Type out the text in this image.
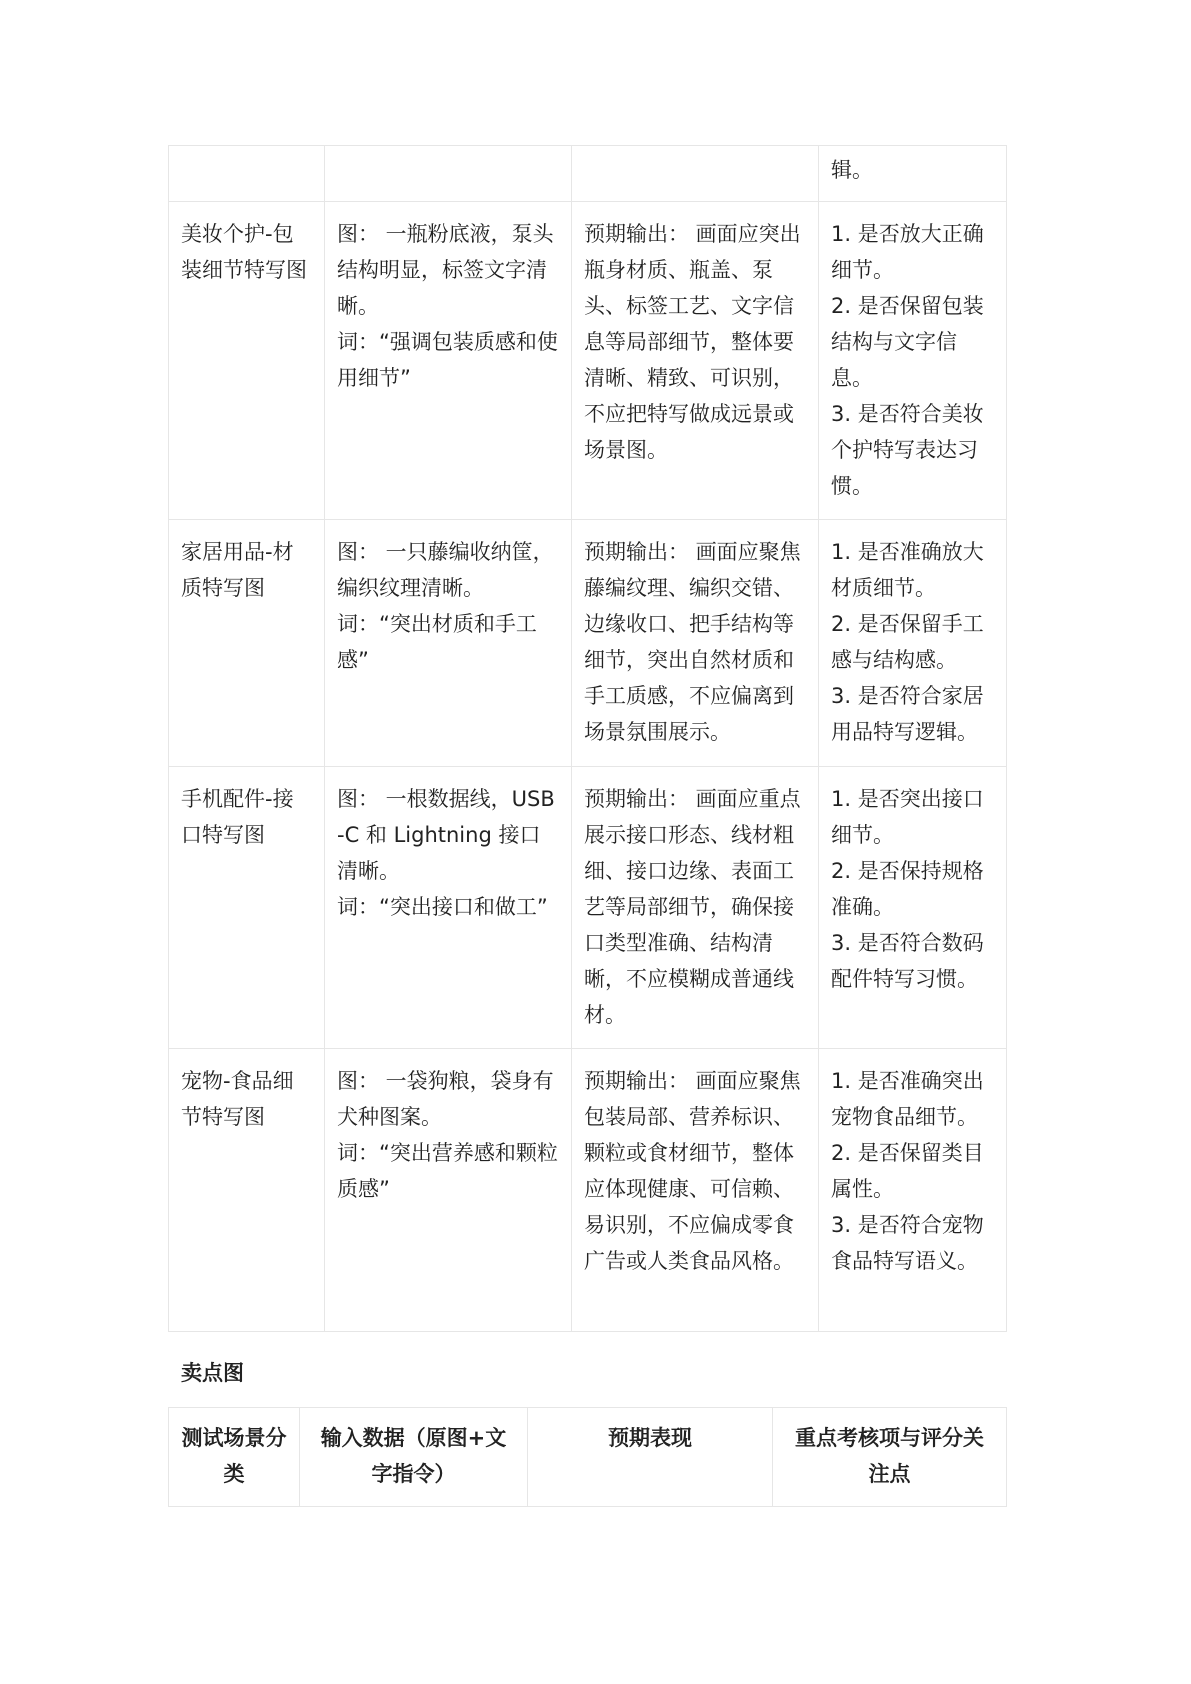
			辑。

美妆个护-包装细节特写图	图： 一瓶粉底液，泵头结构明显，标签文字清晰。
词：“强调包装质感和使用细节”	预期输出： 画面应突出瓶身材质、瓶盖、泵头、标签工艺、文字信息等局部细节，整体要清晰、精致、可识别，不应把特写做成远景或场景图。	1. 是否放大正确细节。
2. 是否保留包装结构与文字信息。
3. 是否符合美妆个护特写表达习惯。

家居用品-材质特写图	图： 一只藤编收纳筐，编织纹理清晰。
词：“突出材质和手工感”	预期输出： 画面应聚焦藤编纹理、编织交错、边缘收口、把手结构等细节，突出自然材质和手工质感，不应偏离到场景氛围展示。	1. 是否准确放大材质细节。
2. 是否保留手工感与结构感。
3. 是否符合家居用品特写逻辑。

手机配件-接口特写图	图： 一根数据线，USB-C 和 Lightning 接口清晰。
词：“突出接口和做工”	预期输出： 画面应重点展示接口形态、线材粗细、接口边缘、表面工艺等局部细节，确保接口类型准确、结构清晰，不应模糊成普通线材。	1. 是否突出接口细节。
2. 是否保持规格准确。
3. 是否符合数码配件特写习惯。

宠物-食品细节特写图	图： 一袋狗粮，袋身有犬种图案。
词：“突出营养感和颗粒质感”	预期输出： 画面应聚焦包装局部、营养标识、颗粒或食材细节，整体应体现健康、可信赖、易识别，不应偏成零食广告或人类食品风格。	1. 是否准确突出宠物食品细节。
2. 是否保留类目属性。
3. 是否符合宠物食品特写语义。
卖点图
测试场景分类	输入数据（原图+文字指令）	预期表现	重点考核项与评分关注点
